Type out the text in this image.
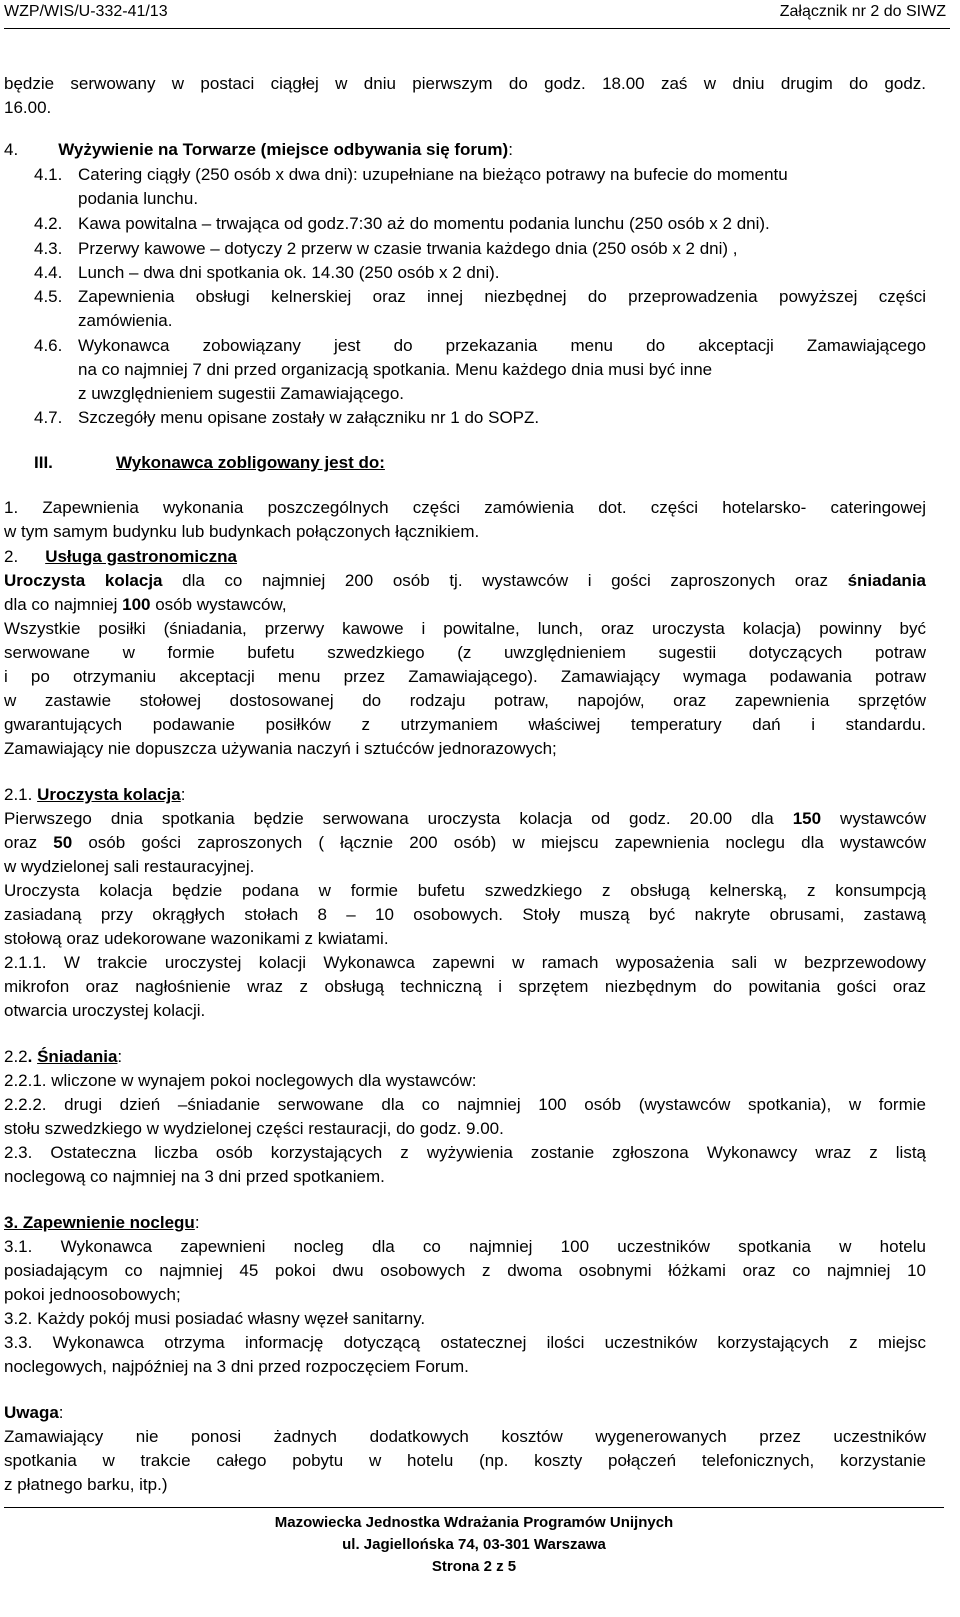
WZP/WIS/U-332-41/13	Załącznik nr 2 do SIWZ
będzie serwowany w postaci ciągłej w dniu pierwszym do godz. 18.00 zaś w dniu drugim do godz.
16.00.
4. Wyżywienie na Torwarze (miejsce odbywania się forum):
4.1. Catering ciągły (250 osób x dwa dni): uzupełniane na bieżąco potrawy na bufecie do momentu
podania lunchu.
4.2. Kawa powitalna – trwająca od godz.7:30 aż do momentu podania lunchu (250 osób x 2 dni).
4.3. Przerwy kawowe – dotyczy 2 przerw w czasie trwania każdego dnia (250 osób x 2 dni) ,
4.4. Lunch – dwa dni spotkania ok. 14.30 (250 osób x 2 dni).
4.5. Zapewnienia obsługi kelnerskiej oraz innej niezbędnej do przeprowadzenia powyższej części
zamówienia.
4.6. Wykonawca zobowiązany jest do przekazania menu do akceptacji Zamawiającego
na co najmniej 7 dni przed organizacją spotkania. Menu każdego dnia musi być inne
z uwzględnieniem sugestii Zamawiającego.
4.7. Szczegóły menu opisane zostały w załączniku nr 1 do SOPZ.
III.	Wykonawca zobligowany jest do:
1. Zapewnienia wykonania poszczególnych części zamówienia dot. części hotelarsko- cateringowej
w tym samym budynku lub budynkach połączonych łącznikiem.
2. Usługa gastronomiczna
Uroczysta kolacja dla co najmniej 200 osób tj. wystawców i gości zaproszonych oraz śniadania
dla co najmniej 100 osób wystawców,
Wszystkie posiłki (śniadania, przerwy kawowe i powitalne, lunch, oraz uroczysta kolacja) powinny być
serwowane w formie bufetu szwedzkiego (z uwzględnieniem sugestii dotyczących potraw
i po otrzymaniu akceptacji menu przez Zamawiającego). Zamawiający wymaga podawania potraw
w zastawie stołowej dostosowanej do rodzaju potraw, napojów, oraz zapewnienia sprzętów
gwarantujących podawanie posiłków z utrzymaniem właściwej temperatury dań i standardu.
Zamawiający nie dopuszcza używania naczyń i sztućców jednorazowych;
2.1. Uroczysta kolacja:
Pierwszego dnia spotkania będzie serwowana uroczysta kolacja od godz. 20.00 dla 150 wystawców
oraz 50 osób gości zaproszonych ( łącznie 200 osób) w miejscu zapewnienia noclegu dla wystawców
w wydzielonej sali restauracyjnej.
Uroczysta kolacja będzie podana w formie bufetu szwedzkiego z obsługą kelnerską, z konsumpcją
zasiadaną przy okrągłych stołach 8 – 10 osobowych. Stoły muszą być nakryte obrusami, zastawą
stołową oraz udekorowane wazonikami z kwiatami.
2.1.1. W trakcie uroczystej kolacji Wykonawca zapewni w ramach wyposażenia sali w bezprzewodowy
mikrofon oraz nagłośnienie wraz z obsługą techniczną i sprzętem niezbędnym do powitania gości oraz
otwarcia uroczystej kolacji.
2.2. Śniadania:
2.2.1. wliczone w wynajem pokoi noclegowych dla wystawców:
2.2.2. drugi dzień –śniadanie serwowane dla co najmniej 100 osób (wystawców spotkania), w formie
stołu szwedzkiego w wydzielonej części restauracji, do godz. 9.00.
2.3. Ostateczna liczba osób korzystających z wyżywienia zostanie zgłoszona Wykonawcy wraz z listą
noclegową co najmniej na 3 dni przed spotkaniem.
3. Zapewnienie noclegu:
3.1. Wykonawca zapewnieni nocleg dla co najmniej 100 uczestników spotkania w hotelu
posiadającym co najmniej 45 pokoi dwu osobowych z dwoma osobnymi łóżkami oraz co najmniej 10
pokoi jednoosobowych;
3.2. Każdy pokój musi posiadać własny węzeł sanitarny.
3.3. Wykonawca otrzyma informację dotyczącą ostatecznej ilości uczestników korzystających z miejsc
noclegowych, najpóźniej na 3 dni przed rozpoczęciem Forum.
Uwaga:
Zamawiający nie ponosi żadnych dodatkowych kosztów wygenerowanych przez uczestników
spotkania w trakcie całego pobytu w hotelu (np. koszty połączeń telefonicznych, korzystanie
z płatnego barku, itp.)
Mazowiecka Jednostka Wdrażania Programów Unijnych
ul. Jagiellońska 74, 03-301 Warszawa
Strona 2 z 5
